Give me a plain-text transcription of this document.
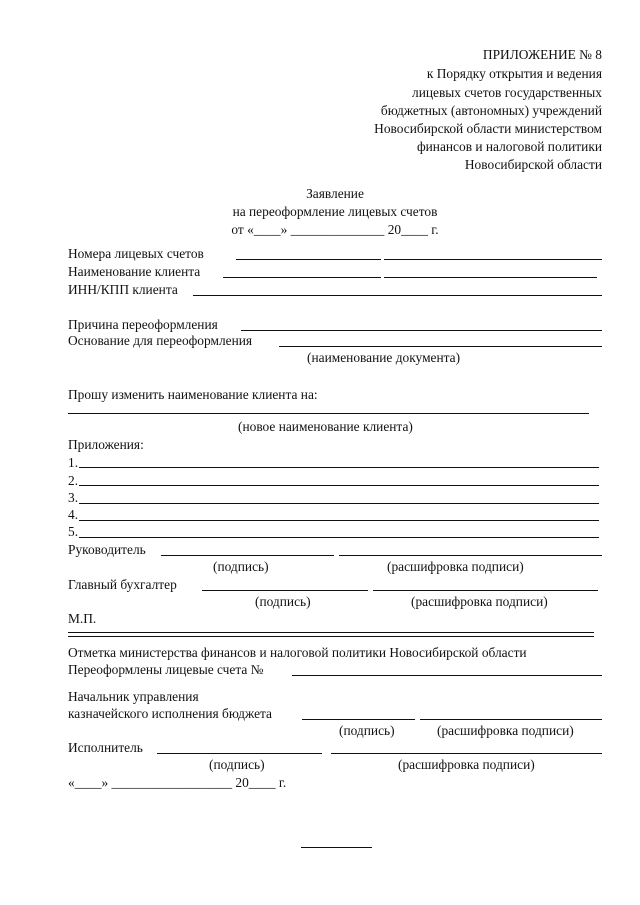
ПРИЛОЖЕНИЕ № 8
к Порядку открытия и ведения
лицевых счетов государственных
бюджетных (автономных) учреждений
Новосибирской области министерством
финансов и налоговой политики
Новосибирской области
Заявление
на переоформление лицевых счетов
от «____» ______________ 20____ г.
Номера лицевых счетов
Наименование клиента
ИНН/КПП клиента
Причина переоформления
Основание для переоформления
(наименование документа)
Прошу изменить наименование клиента на:
(новое наименование клиента)
Приложения:
1.
2.
3.
4.
5.
Руководитель
(подпись)	(расшифровка подписи)
Главный бухгалтер
(подпись)	(расшифровка подписи)
М.П.
Отметка министерства финансов и налоговой политики Новосибирской области
Переоформлены лицевые счета №
Начальник управления
казначейского исполнения бюджета
(подпись)	(расшифровка подписи)
Исполнитель
(подпись)	(расшифровка подписи)
«____» __________________ 20____ г.
